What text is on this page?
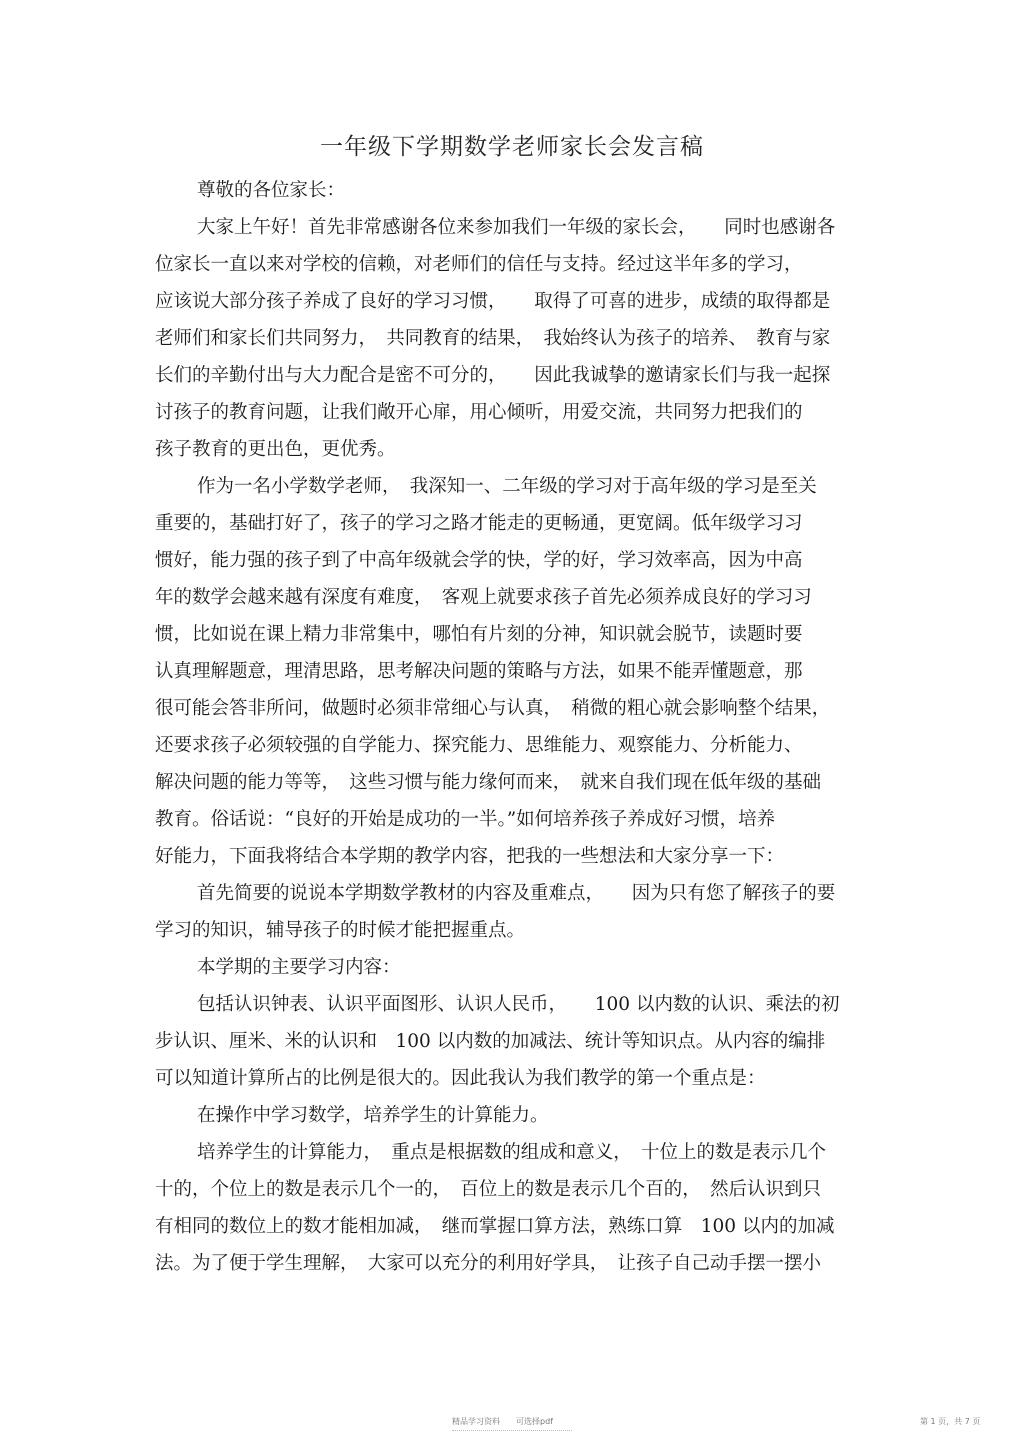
一年级下学期数学老师家长会发言稿
尊敬的各位家长：
大家上午好！首先非常感谢各位来参加我们一年级的家长会，　　同时也感谢各
位家长一直以来对学校的信赖，对老师们的信任与支持。经过这半年多的学习，
应该说大部分孩子养成了良好的学习习惯，　　取得了可喜的进步，成绩的取得都是
老师们和家长们共同努力，　共同教育的结果，　我始终认为孩子的培养、　教育与家
长们的辛勤付出与大力配合是密不可分的，　　因此我诚挚的邀请家长们与我一起探
讨孩子的教育问题，让我们敞开心扉，用心倾听，用爱交流，共同努力把我们的
孩子教育的更出色，更优秀。
作为一名小学数学老师，　我深知一、二年级的学习对于高年级的学习是至关
重要的，基础打好了，孩子的学习之路才能走的更畅通，更宽阔。低年级学习习
惯好，能力强的孩子到了中高年级就会学的快，学的好，学习效率高，因为中高
年的数学会越来越有深度有难度，　客观上就要求孩子首先必须养成良好的学习习
惯，比如说在课上精力非常集中，哪怕有片刻的分神，知识就会脱节，读题时要
认真理解题意，理清思路，思考解决问题的策略与方法，如果不能弄懂题意，那
很可能会答非所问，做题时必须非常细心与认真，　稍微的粗心就会影响整个结果，
还要求孩子必须较强的自学能力、探究能力、思维能力、观察能力、分析能力、
解决问题的能力等等，　这些习惯与能力缘何而来，　就来自我们现在低年级的基础
教育。俗话说：“良好的开始是成功的一半。”如何培养孩子养成好习惯，培养
好能力，下面我将结合本学期的教学内容，把我的一些想法和大家分享一下：
首先简要的说说本学期数学教材的内容及重难点，　　因为只有您了解孩子的要
学习的知识，辅导孩子的时候才能把握重点。
本学期的主要学习内容：
包括认识钟表、认识平面图形、认识人民币，　　100 以内数的认识、乘法的初
步认识、厘米、米的认识和　100 以内数的加减法、统计等知识点。从内容的编排
可以知道计算所占的比例是很大的。因此我认为我们教学的第一个重点是：
在操作中学习数学，培养学生的计算能力。
培养学生的计算能力，　重点是根据数的组成和意义，　十位上的数是表示几个
十的，个位上的数是表示几个一的，　百位上的数是表示几个百的，　然后认识到只
有相同的数位上的数才能相加减，　继而掌握口算方法，熟练口算　100 以内的加减
法。为了便于学生理解，　大家可以充分的利用好学具，　让孩子自己动手摆一摆小
精品学习资料　　可选择pdf	第 1 页，共 7 页
